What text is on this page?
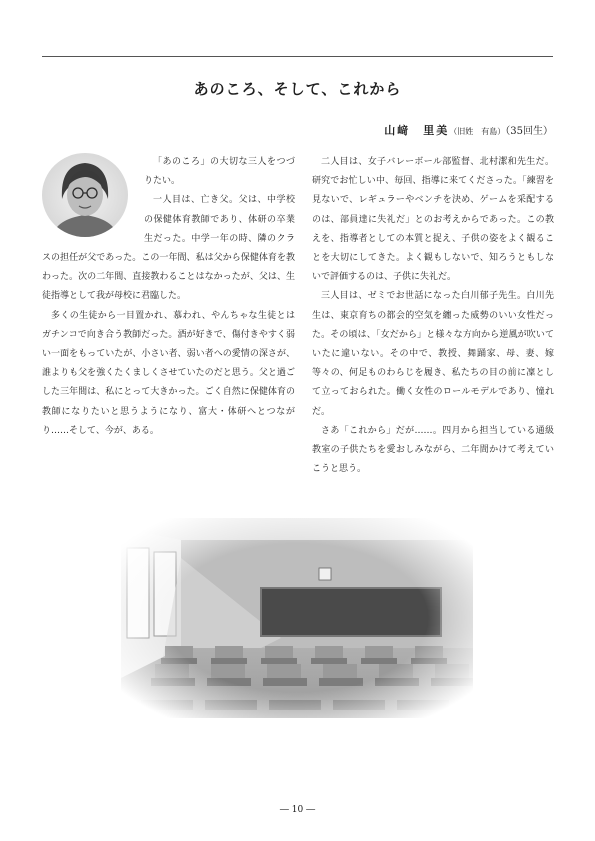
あのころ、そして、これから
山﨑　里美（旧姓　有島）（35回生）

「あのころ」の大切な三人をつづりたい。

一人目は、亡き父。父は、中学校の保健体育教師であり、体研の卒業生だった。中学一年の時、隣のクラスの担任が父であった。この一年間、私は父から保健体育を教わった。次の二年間、直接教わることはなかったが、父は、生徒指導として我が母校に君臨した。

多くの生徒から一目置かれ、慕われ、やんちゃな生徒とはガチンコで向き合う教師だった。酒が好きで、傷付きやすく弱い一面をもっていたが、小さい者、弱い者への愛情の深さが、誰よりも父を強くたくましくさせていたのだと思う。父と過ごした三年間は、私にとって大きかった。ごく自然に保健体育の教師になりたいと思うようになり、富大・体研へとつながり……そして、今が、ある。

二人目は、女子バレーボール部監督、北村潔和先生だ。研究でお忙しい中、毎回、指導に来てくださった。「練習を見ないで、レギュラーやベンチを決め、ゲームを采配するのは、部員達に失礼だ」とのお考えからであった。この教えを、指導者としての本質と捉え、子供の姿をよく観ることを大切にしてきた。よく観もしないで、知ろうともしないで評価するのは、子供に失礼だ。

三人目は、ゼミでお世話になった白川郁子先生。白川先生は、東京育ちの都会的空気を纏った威勢のいい女性だった。その頃は、「女だから」と様々な方向から逆風が吹いていたに違いない。その中で、教授、舞踊家、母、妻、嫁等々の、何足ものわらじを履き、私たちの目の前に凜として立っておられた。働く女性のロールモデルであり、憧れだ。

さあ「これから」だが……。四月から担当している通級教室の子供たちを愛おしみながら、二年間かけて考えていこうと思う。

― 10 ―
